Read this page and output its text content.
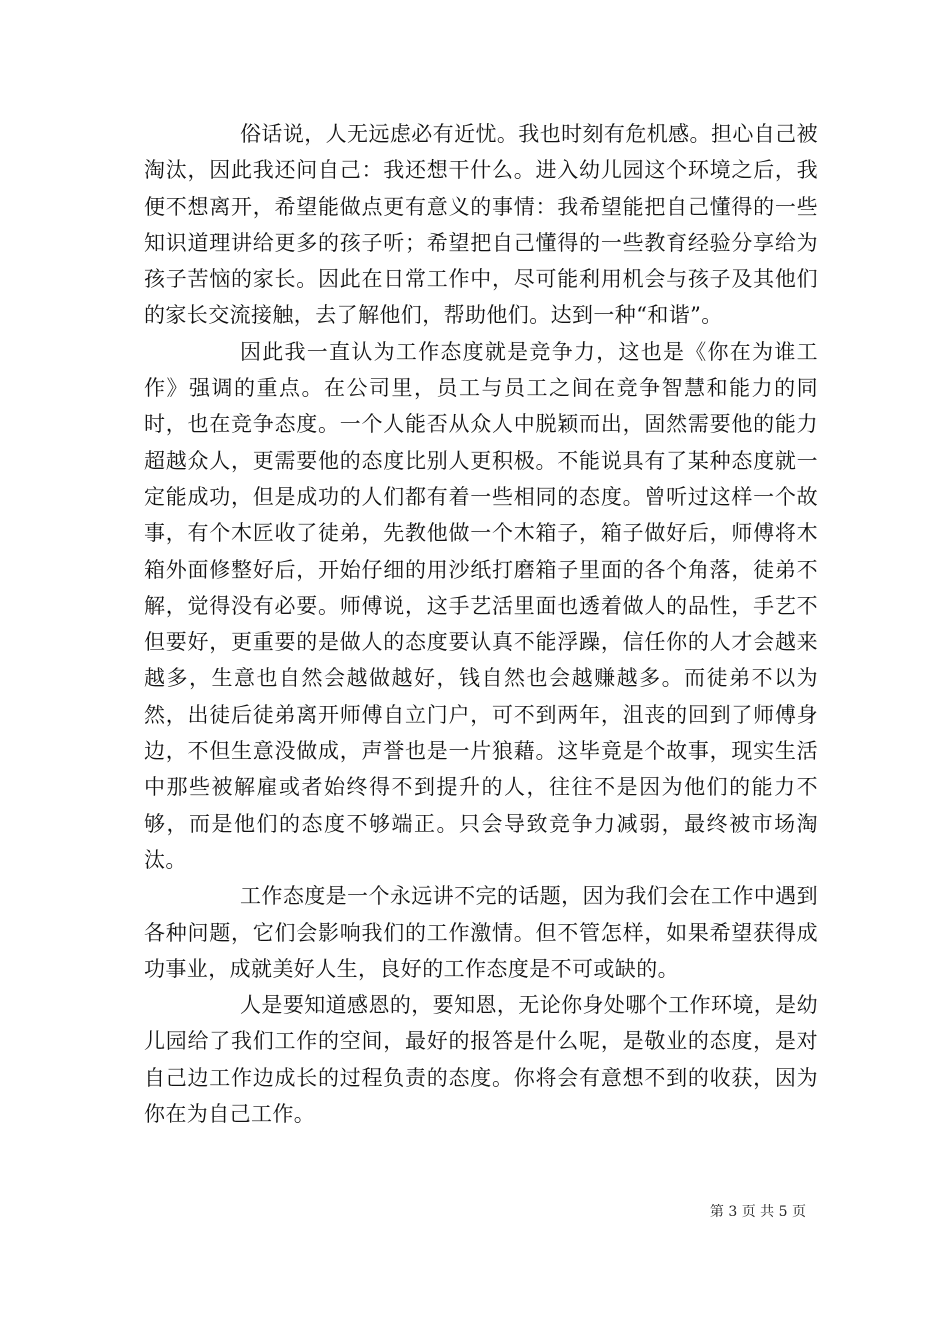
俗话说，人无远虑必有近忧。我也时刻有危机感。担心自己被淘汰，因此我还问自己：我还想干什么。进入幼儿园这个环境之后，我便不想离开，希望能做点更有意义的事情：我希望能把自己懂得的一些知识道理讲给更多的孩子听；希望把自己懂得的一些教育经验分享给为孩子苦恼的家长。因此在日常工作中，尽可能利用机会与孩子及其他们的家长交流接触，去了解他们，帮助他们。达到一种“和谐”。

因此我一直认为工作态度就是竞争力，这也是《你在为谁工作》强调的重点。在公司里，员工与员工之间在竞争智慧和能力的同时，也在竞争态度。一个人能否从众人中脱颖而出，固然需要他的能力超越众人，更需要他的态度比别人更积极。不能说具有了某种态度就一定能成功，但是成功的人们都有着一些相同的态度。曾听过这样一个故事，有个木匠收了徒弟，先教他做一个木箱子，箱子做好后，师傅将木箱外面修整好后，开始仔细的用沙纸打磨箱子里面的各个角落，徒弟不解，觉得没有必要。师傅说，这手艺活里面也透着做人的品性，手艺不但要好，更重要的是做人的态度要认真不能浮躁，信任你的人才会越来越多，生意也自然会越做越好，钱自然也会越赚越多。而徒弟不以为然，出徒后徒弟离开师傅自立门户，可不到两年，沮丧的回到了师傅身边，不但生意没做成，声誉也是一片狼藉。这毕竟是个故事，现实生活中那些被解雇或者始终得不到提升的人，往往不是因为他们的能力不够，而是他们的态度不够端正。只会导致竞争力减弱，最终被市场淘汰。

工作态度是一个永远讲不完的话题，因为我们会在工作中遇到各种问题，它们会影响我们的工作激情。但不管怎样，如果希望获得成功事业，成就美好人生，良好的工作态度是不可或缺的。

人是要知道感恩的，要知恩，无论你身处哪个工作环境，是幼儿园给了我们工作的空间，最好的报答是什么呢，是敬业的态度，是对自己边工作边成长的过程负责的态度。你将会有意想不到的收获，因为你在为自己工作。

第 3 页 共 5 页
